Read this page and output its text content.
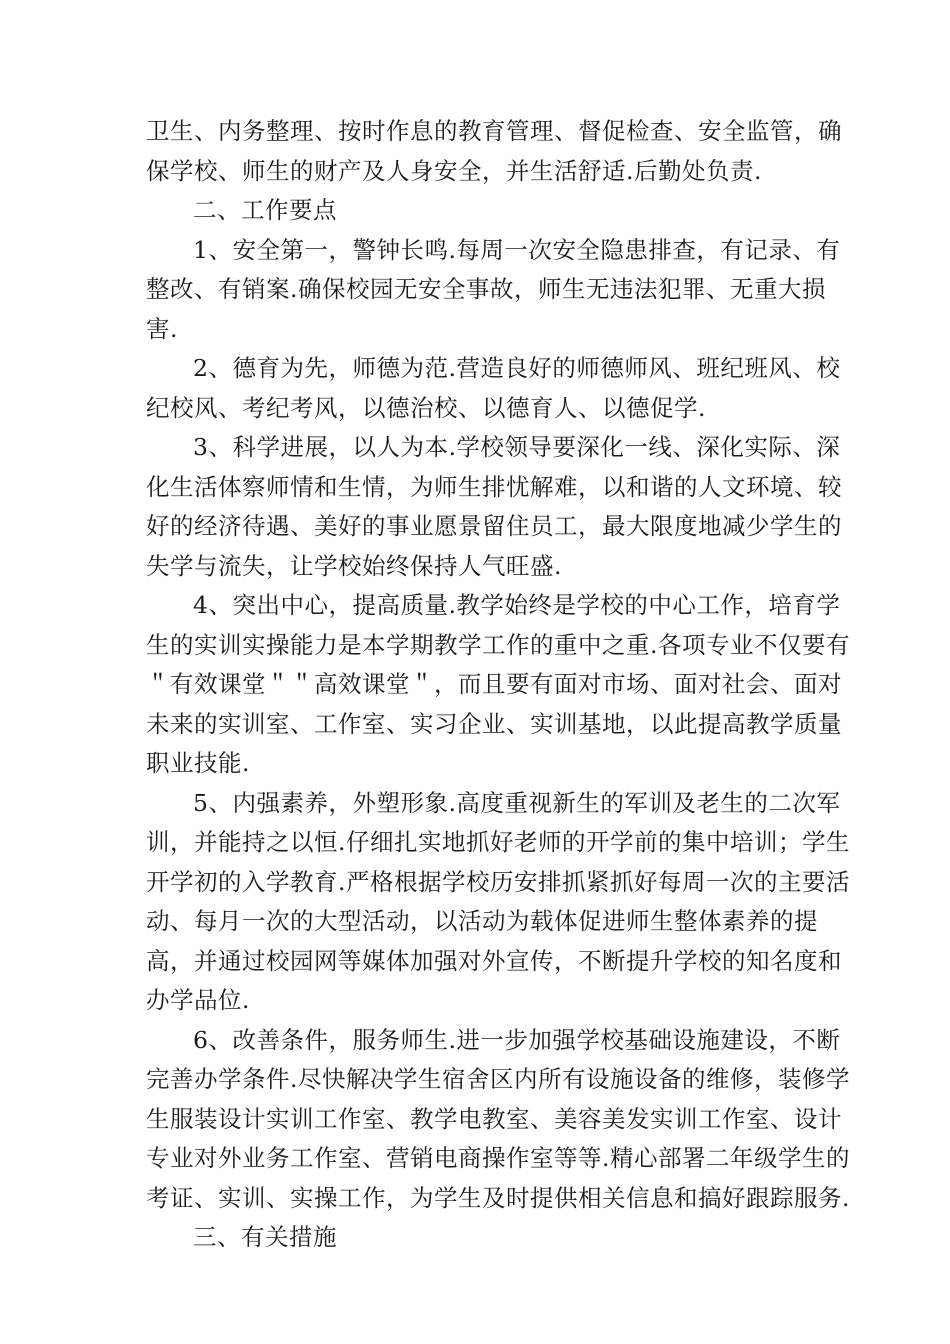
卫生、内务整理、按时作息的教育管理、督促检查、安全监管，确
保学校、师生的财产及人身安全，并生活舒适.后勤处负责.
二、工作要点
1、安全第一，警钟长鸣.每周一次安全隐患排查，有记录、有
整改、有销案.确保校园无安全事故，师生无违法犯罪、无重大损
害.
2、德育为先，师德为范.营造良好的师德师风、班纪班风、校
纪校风、考纪考风，以德治校、以德育人、以德促学.
3、科学进展，以人为本.学校领导要深化一线、深化实际、深
化生活体察师情和生情，为师生排忧解难，以和谐的人文环境、较
好的经济待遇、美好的事业愿景留住员工，最大限度地减少学生的
失学与流失，让学校始终保持人气旺盛.
4、突出中心，提高质量.教学始终是学校的中心工作，培育学
生的实训实操能力是本学期教学工作的重中之重.各项专业不仅要有
＂有效课堂＂＂高效课堂＂，而且要有面对市场、面对社会、面对
未来的实训室、工作室、实习企业、实训基地，以此提高教学质量
职业技能.
5、内强素养，外塑形象.高度重视新生的军训及老生的二次军
训，并能持之以恒.仔细扎实地抓好老师的开学前的集中培训；学生
开学初的入学教育.严格根据学校历安排抓紧抓好每周一次的主要活
动、每月一次的大型活动，以活动为载体促进师生整体素养的提
高，并通过校园网等媒体加强对外宣传，不断提升学校的知名度和
办学品位.
6、改善条件，服务师生.进一步加强学校基础设施建设，不断
完善办学条件.尽快解决学生宿舍区内所有设施设备的维修，装修学
生服装设计实训工作室、教学电教室、美容美发实训工作室、设计
专业对外业务工作室、营销电商操作室等等.精心部署二年级学生的
考证、实训、实操工作，为学生及时提供相关信息和搞好跟踪服务.
三、有关措施
